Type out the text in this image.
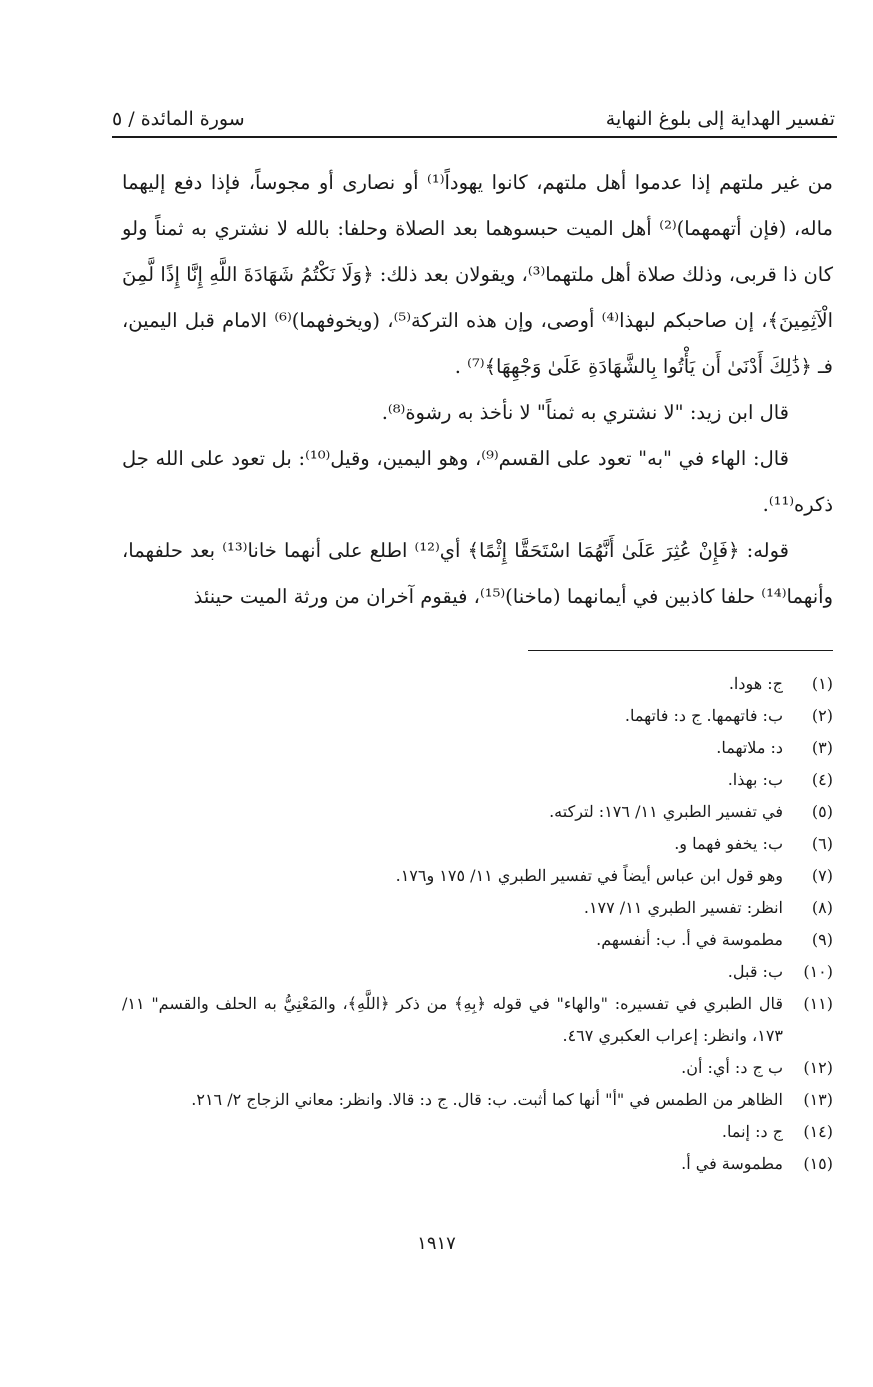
تفسير الهداية إلى بلوغ النهاية
سورة المائدة / ٥

من غير ملتهم إذا عدموا أهل ملتهم، كانوا يهوداً⁽¹⁾ أو نصارى أو مجوساً، فإذا دفع إليهما ماله، (فإن أتهمهما)⁽²⁾ أهل الميت حبسوهما بعد الصلاة وحلفا: بالله لا نشتري به ثمناً ولو كان ذا قربى، وذلك صلاة أهل ملتهما⁽³⁾، ويقولان بعد ذلك: ﴿وَلَا نَكْتُمُ شَهَادَةَ اللَّهِ إِنَّا إِذًا لَّمِنَ الْآثِمِينَ﴾، إن صاحبكم لبهذا⁽⁴⁾ أوصى، وإن هذه التركة⁽⁵⁾، (ويخوفهما)⁽⁶⁾ الامام قبل اليمين، فـ ﴿ذَٰلِكَ أَدْنَىٰ أَن يَأْتُوا بِالشَّهَادَةِ عَلَىٰ وَجْهِهَا﴾⁽⁷⁾ .

قال ابن زيد: "لا نشتري به ثمناً" لا نأخذ به رشوة⁽⁸⁾.

قال: الهاء في "به" تعود على القسم⁽⁹⁾، وهو اليمين، وقيل⁽¹⁰⁾: بل تعود على الله جل ذكره⁽¹¹⁾.

قوله: ﴿فَإِنْ عُثِرَ عَلَىٰ أَنَّهُمَا اسْتَحَقَّا إِثْمًا﴾ أي⁽¹²⁾ اطلع على أنهما خانا⁽¹³⁾ بعد حلفهما، وأنهما⁽¹⁴⁾ حلفا كاذبين في أيمانهما (ماخنا)⁽¹⁵⁾، فيقوم آخران من ورثة الميت حينئذ

(١)
ج: هودا.
(٢)
ب: فاتهمها. ج د: فاتهما.
(٣)
د: ملاتهما.
(٤)
ب: بهذا.
(٥)
في تفسير الطبري ١١/ ١٧٦: لتركته.
(٦)
ب: يخفو فهما و.
(٧)
وهو قول ابن عباس أيضاً في تفسير الطبري ١١/ ١٧٥ و١٧٦.
(٨)
انظر: تفسير الطبري ١١/ ١٧٧.
(٩)
مطموسة في أ. ب: أنفسهم.
(١٠)
ب: قبل.
(١١)
قال الطبري في تفسيره: "والهاء" في قوله ﴿بِهِ﴾ من ذكر ﴿اللَّهِ﴾، والمَعْنِيُّ به الحلف والقسم" ١١/ ١٧٣، وانظر: إعراب العكبري ٤٦٧.
(١٢)
ب ج د: أي: أن.
(١٣)
الظاهر من الطمس في "أ" أنها كما أثبت. ب: قال. ج د: قالا. وانظر: معاني الزجاج ٢/ ٢١٦.
(١٤)
ج د: إنما.
(١٥)
مطموسة في أ.
١٩١٧
